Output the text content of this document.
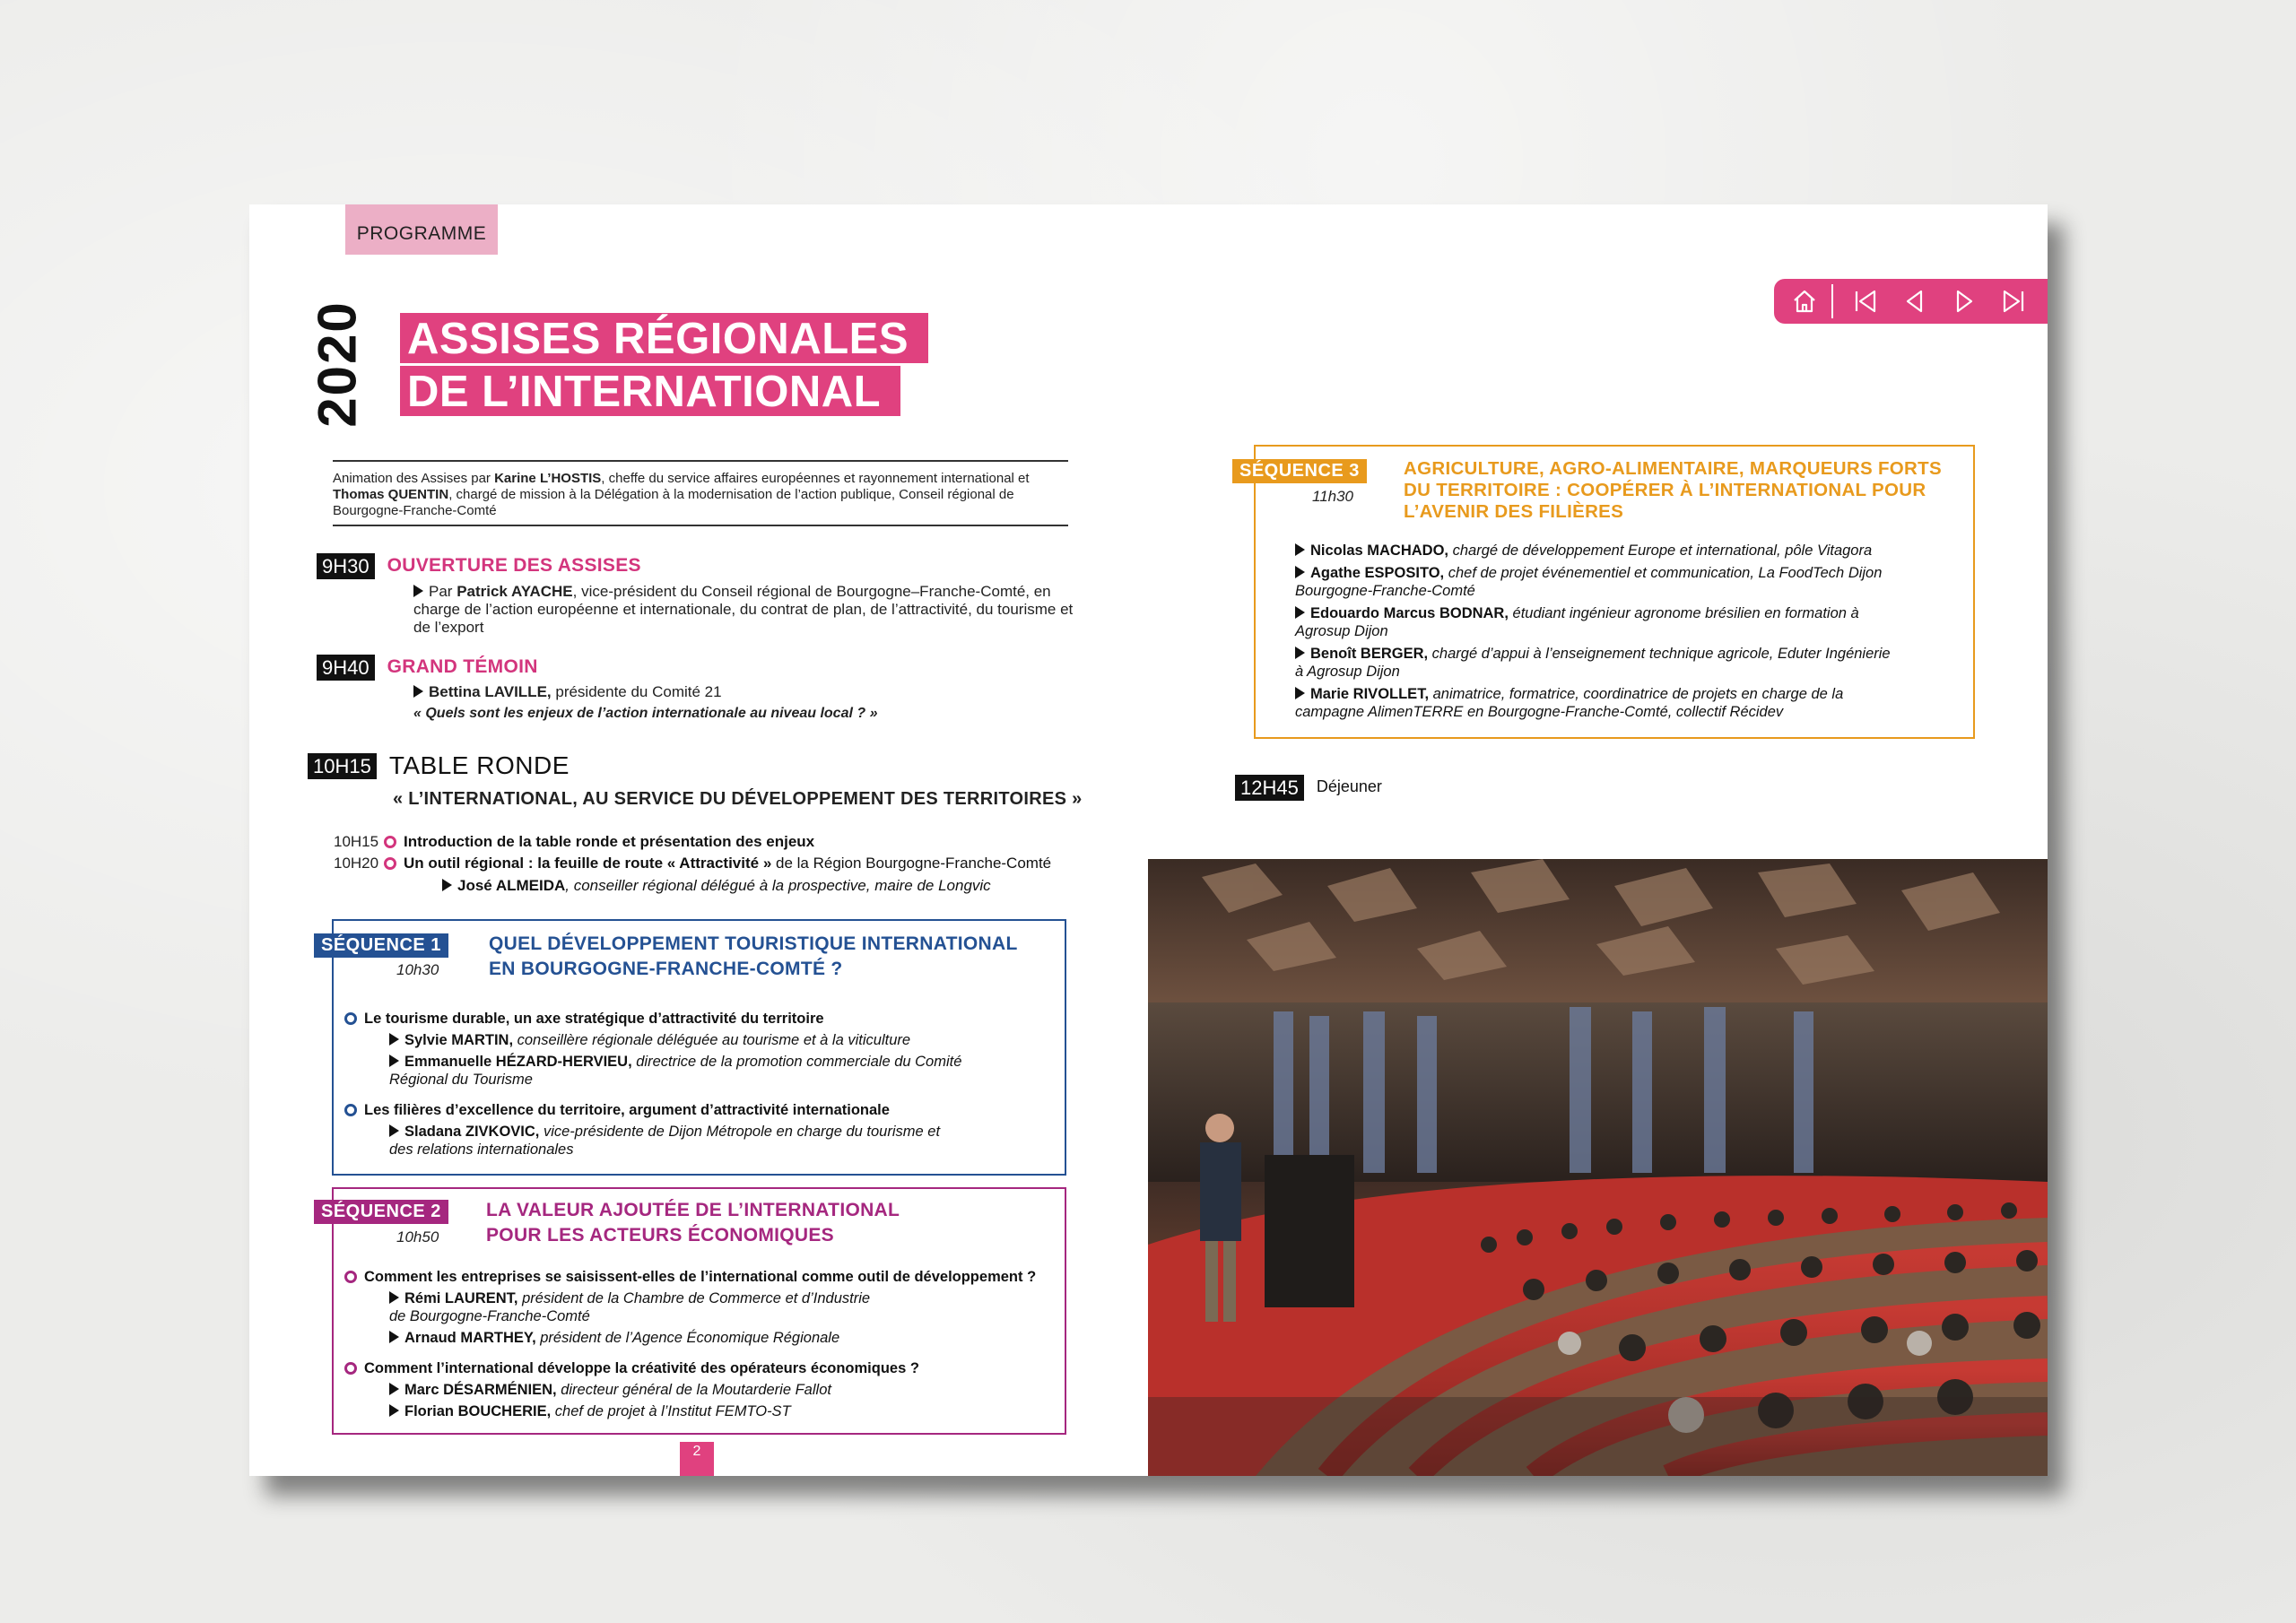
PROGRAMME
2020 ASSISES RÉGIONALES
DE L’INTERNATIONAL
Animation des Assises par Karine L’HOSTIS, cheffe du service affaires européennes et rayonnement international et Thomas QUENTIN, chargé de mission à la Délégation à la modernisation de l’action publique, Conseil régional de Bourgogne-Franche-Comté
9H30 OUVERTURE DES ASSISES
Par Patrick AYACHE, vice-président du Conseil régional de Bourgogne–Franche-Comté, en charge de l’action européenne et internationale, du contrat de plan, de l’attractivité, du tourisme et de l’export
9H40 GRAND TÉMOIN
Bettina LAVILLE, présidente du Comité 21
« Quels sont les enjeux de l’action internationale au niveau local ? »
10H15 TABLE RONDE
« L’INTERNATIONAL, AU SERVICE DU DÉVELOPPEMENT DES TERRITOIRES »
10H15 Introduction de la table ronde et présentation des enjeux
10H20 Un outil régional : la feuille de route « Attractivité » de la Région Bourgogne-Franche-Comté
José ALMEIDA, conseiller régional délégué à la prospective, maire de Longvic
SÉQUENCE 1
10h30
QUEL DÉVELOPPEMENT TOURISTIQUE INTERNATIONAL
EN BOURGOGNE-FRANCHE-COMTÉ ?
Le tourisme durable, un axe stratégique d’attractivité du territoire
Sylvie MARTIN, conseillère régionale déléguée au tourisme et à la viticulture
Emmanuelle HÉZARD-HERVIEU, directrice de la promotion commerciale du Comité
Régional du Tourisme
Les filières d’excellence du territoire, argument d’attractivité internationale
Sladana ZIVKOVIC, vice-présidente de Dijon Métropole en charge du tourisme et
des relations internationales
SÉQUENCE 2
10h50
LA VALEUR AJOUTÉE DE L’INTERNATIONAL
POUR LES ACTEURS ÉCONOMIQUES
Comment les entreprises se saisissent-elles de l’international comme outil de développement ?
Rémi LAURENT, président de la Chambre de Commerce et d’Industrie
de Bourgogne-Franche-Comté
Arnaud MARTHEY, président de l’Agence Économique Régionale
Comment l’international développe la créativité des opérateurs économiques ?
Marc DÉSARMÉNIEN, directeur général de la Moutarderie Fallot
Florian BOUCHERIE, chef de projet à l’Institut FEMTO-ST
2
SÉQUENCE 3
11h30
AGRICULTURE, AGRO-ALIMENTAIRE, MARQUEURS FORTS
DU TERRITOIRE : COOPÉRER À L’INTERNATIONAL POUR
L’AVENIR DES FILIÈRES
Nicolas MACHADO, chargé de développement Europe et international, pôle Vitagora
Agathe ESPOSITO, chef de projet événementiel et communication, La FoodTech Dijon
Bourgogne-Franche-Comté
Edouardo Marcus BODNAR, étudiant ingénieur agronome brésilien en formation à
Agrosup Dijon
Benoît BERGER, chargé d’appui à l’enseignement technique agricole, Eduter Ingénierie
à Agrosup Dijon
Marie RIVOLLET, animatrice, formatrice, coordinatrice de projets en charge de la
campagne AlimenTERRE en Bourgogne-Franche-Comté, collectif Récidev
12H45	Déjeuner
